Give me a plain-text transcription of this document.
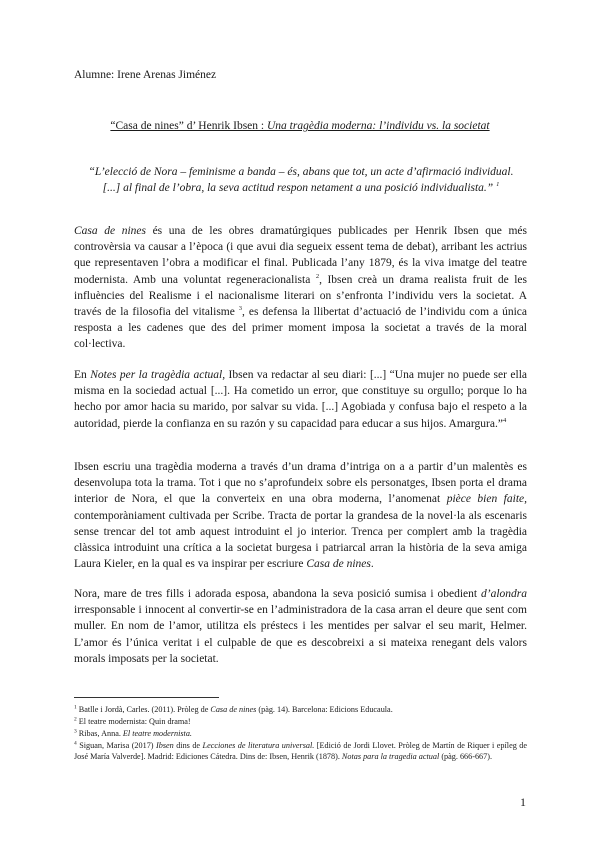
Alumne: Irene Arenas Jiménez
“Casa de nines” d’ Henrik Ibsen : Una tragèdia moderna: l’individu vs. la societat
“L’elecció de Nora – feminisme a banda – és, abans que tot, un acte d’afirmació individual. [...] al final de l’obra, la seva actitud respon netament a una posició individualista.” $^1$
Casa de nines és una de les obres dramatúrgiques publicades per Henrik Ibsen que més controvèrsia va causar a l’època (i que avui dia segueix essent tema de debat), arribant les actrius que representaven l’obra a modificar el final. Publicada l’any 1879, és la viva imatge del teatre modernista. Amb una voluntat regeneracionalista $^2$, Ibsen creà un drama realista fruit de les influències del Realisme i el nacionalisme literari on s’enfronta l’individu vers la societat. A través de la filosofia del vitalisme $^3$, es defensa la llibertat d’actuació de l’individu com a única resposta a les cadenes que des del primer moment imposa la societat a través de la moral col·lectiva.
En Notes per la tragèdia actual, Ibsen va redactar al seu diari: [...] “Una mujer no puede ser ella misma en la sociedad actual [...]. Ha cometido un error, que constituye su orgullo; porque lo ha hecho por amor hacia su marido, por salvar su vida. [...] Agobiada y confusa bajo el respeto a la autoridad, pierde la confianza en su razón y su capacidad para educar a sus hijos. Amargura.”$^4$
Ibsen escriu una tragèdia moderna a través d’un drama d’intriga on a a partir d’un malentès es desenvolupa tota la trama. Tot i que no s’aprofundeix sobre els personatges, Ibsen porta el drama interior de Nora, el que la converteix en una obra moderna, l’anomenat pièce bien faite, contemporàniament cultivada per Scribe. Tracta de portar la grandesa de la novel·la als escenaris sense trencar del tot amb aquest introduint el jo interior. Trenca per complert amb la tragèdia clàssica introduint una crítica a la societat burgesa i patriarcal arran la història de la seva amiga Laura Kieler, en la qual es va inspirar per escriure Casa de nines.
Nora, mare de tres fills i adorada esposa, abandona la seva posició sumisa i obedient d’alondra irresponsable i innocent al convertir-se en l’administradora de la casa arran el deure que sent com muller. En nom de l’amor, utilitza els préstecs i les mentides per salvar el seu marit, Helmer. L’amor és l’única veritat i el culpable de que es descobreixi a si mateixa renegant dels valors morals imposats per la societat.
$^1$ Batlle i Jordà, Carles. (2011). Pròleg de Casa de nines (pàg. 14). Barcelona: Edicions Educaula.
$^2$ El teatre modernista: Quin drama!
$^3$ Ribas, Anna. El teatre modernista.
$^4$ Siguan, Marisa (2017) Ibsen dins de Lecciones de literatura universal. [Edició de Jordi Llovet. Pròleg de Martín de Riquer i epíleg de José María Valverde]. Madrid: Ediciones Cátedra. Dins de: Ibsen, Henrik (1878). Notas para la tragedia actual (pàg. 666-667).
1
